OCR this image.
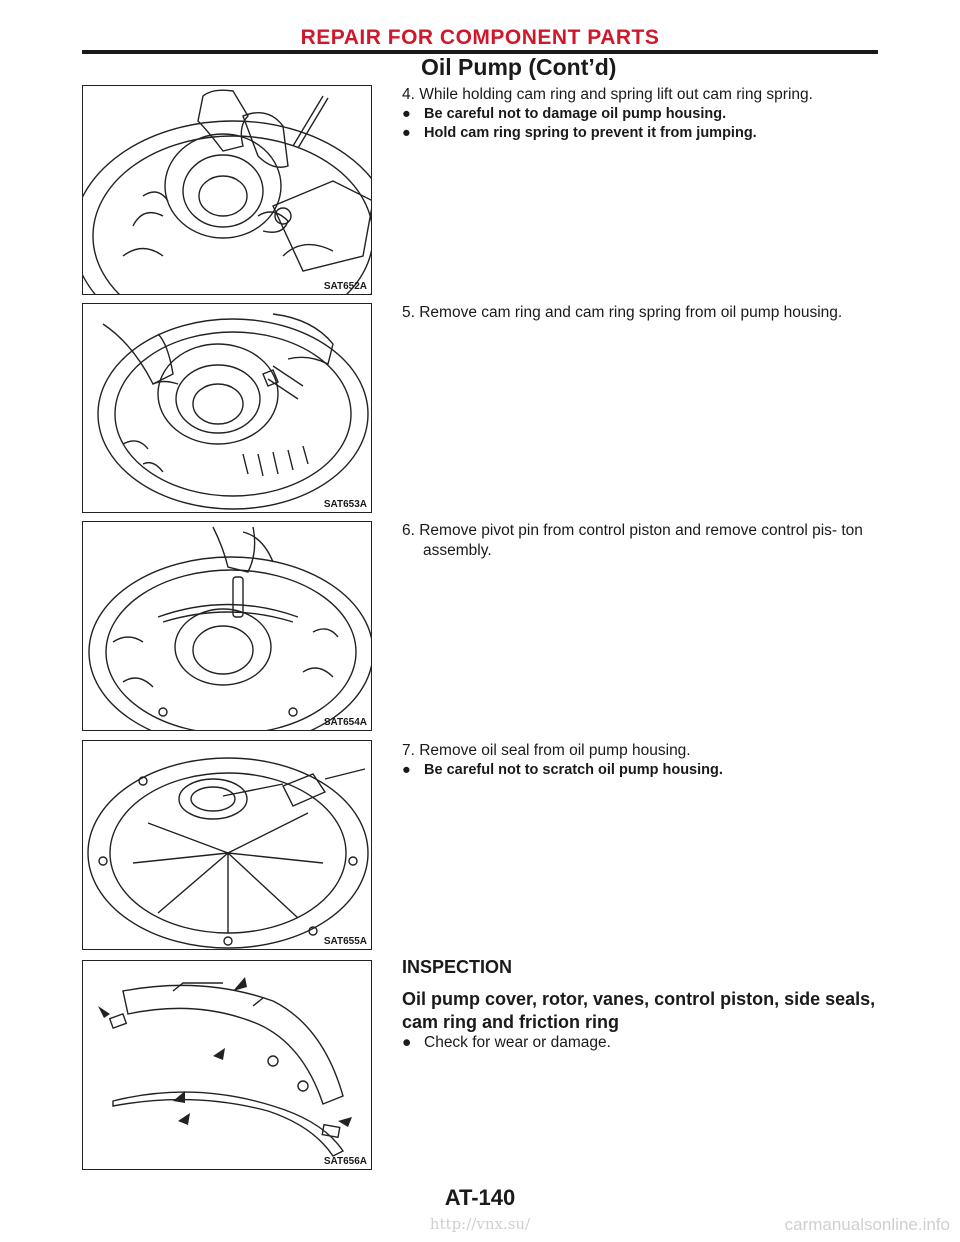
REPAIR FOR COMPONENT PARTS
Oil Pump (Cont’d)
SAT652A
SAT653A
SAT654A
SAT655A
SAT656A
4. While holding cam ring and spring lift out cam ring spring.
● Be careful not to damage oil pump housing.
● Hold cam ring spring to prevent it from jumping.
5. Remove cam ring and cam ring spring from oil pump housing.
6. Remove pivot pin from control piston and remove control pis- ton assembly.
7. Remove oil seal from oil pump housing.
● Be careful not to scratch oil pump housing.
INSPECTION
Oil pump cover, rotor, vanes, control piston, side seals, cam ring and friction ring
● Check for wear or damage.
AT-140
http://vnx.su/	carmanualsonline.info
